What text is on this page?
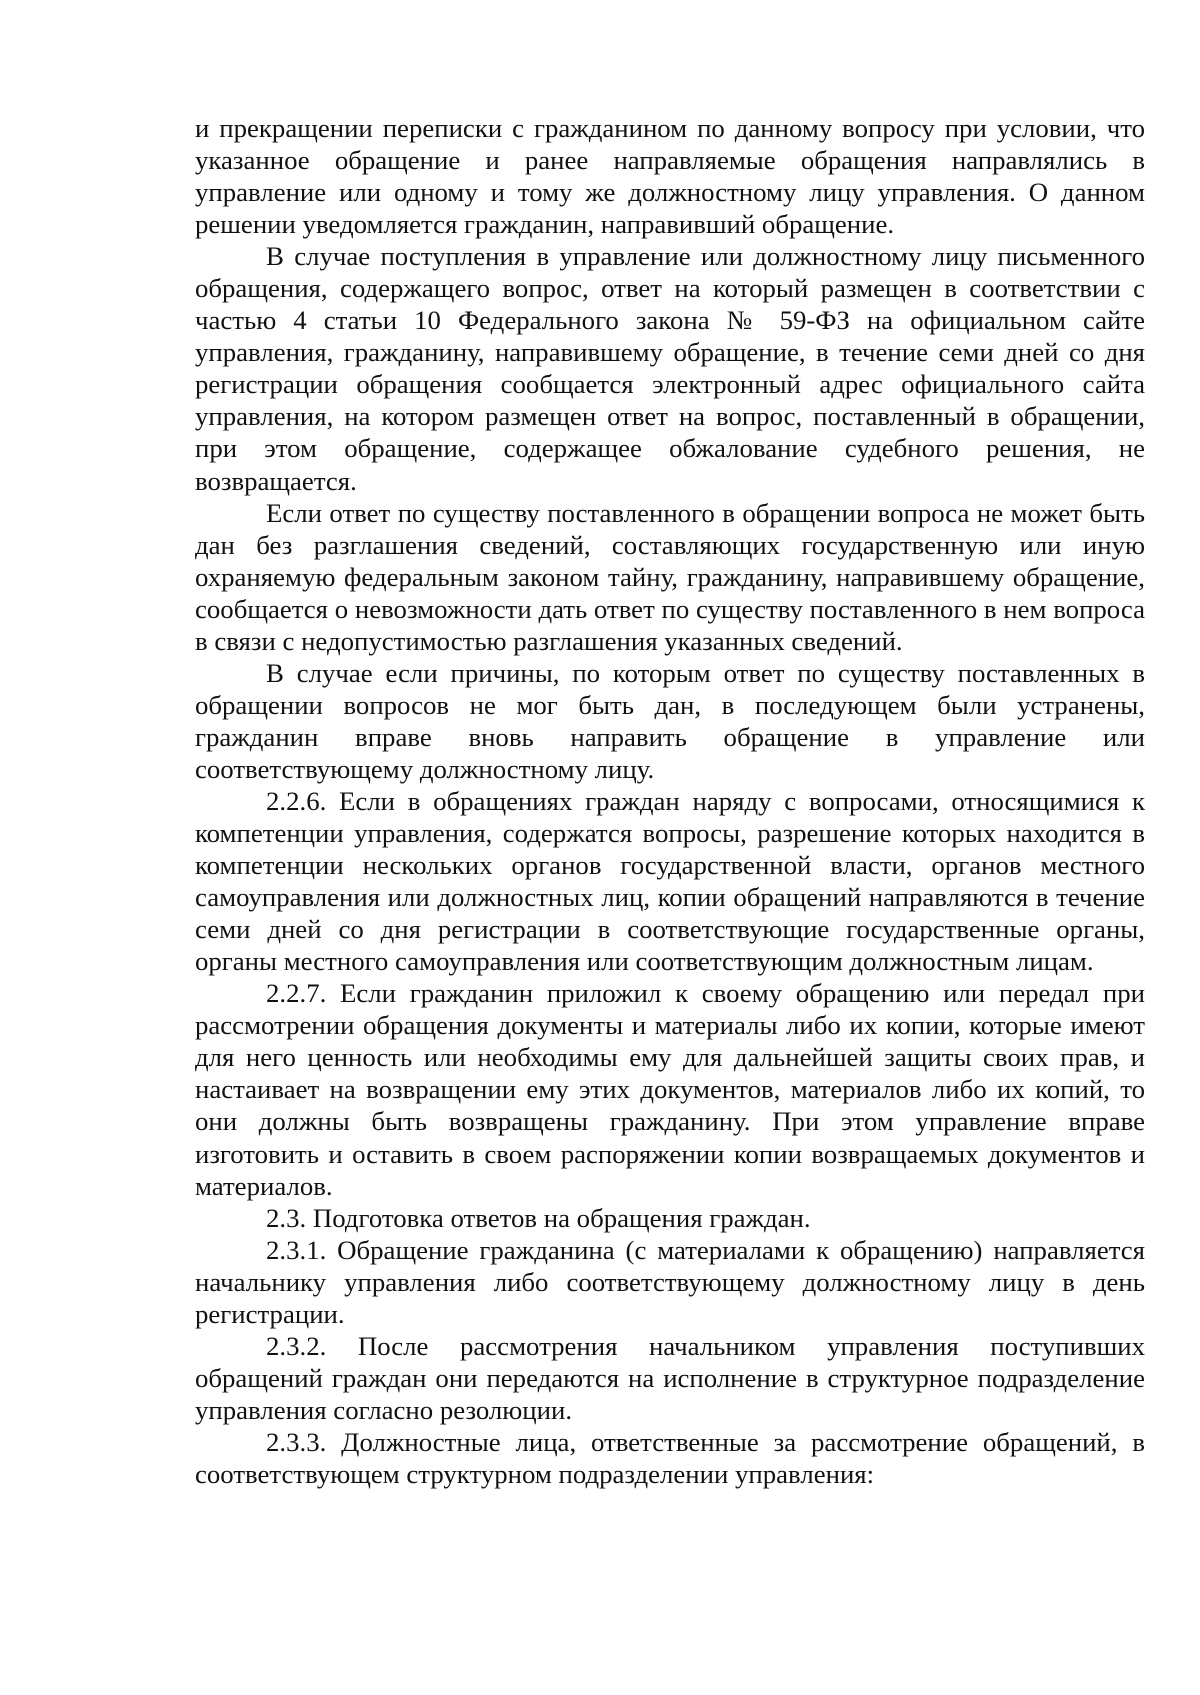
и прекращении переписки с гражданином по данному вопросу при условии, что указанное обращение и ранее направляемые обращения направлялись в управление или одному и тому же должностному лицу управления. О данном решении уведомляется гражданин, направивший обращение.

В случае поступления в управление или должностному лицу письменного обращения, содержащего вопрос, ответ на который размещен в соответствии с частью 4 статьи 10 Федерального закона № 59-ФЗ на официальном сайте управления, гражданину, направившему обращение, в течение семи дней со дня регистрации обращения сообщается электронный адрес официального сайта управления, на котором размещен ответ на вопрос, поставленный в обращении, при этом обращение, содержащее обжалование судебного решения, не возвращается.

Если ответ по существу поставленного в обращении вопроса не может быть дан без разглашения сведений, составляющих государственную или иную охраняемую федеральным законом тайну, гражданину, направившему обращение, сообщается о невозможности дать ответ по существу поставленного в нем вопроса в связи с недопустимостью разглашения указанных сведений.

В случае если причины, по которым ответ по существу поставленных в обращении вопросов не мог быть дан, в последующем были устранены, гражданин вправе вновь направить обращение в управление или соответствующему должностному лицу.

2.2.6. Если в обращениях граждан наряду с вопросами, относящимися к компетенции управления, содержатся вопросы, разрешение которых находится в компетенции нескольких органов государственной власти, органов местного самоуправления или должностных лиц, копии обращений направляются в течение семи дней со дня регистрации в соответствующие государственные органы, органы местного самоуправления или соответствующим должностным лицам.

2.2.7. Если гражданин приложил к своему обращению или передал при рассмотрении обращения документы и материалы либо их копии, которые имеют для него ценность или необходимы ему для дальнейшей защиты своих прав, и настаивает на возвращении ему этих документов, материалов либо их копий, то они должны быть возвращены гражданину. При этом управление вправе изготовить и оставить в своем распоряжении копии возвращаемых документов и материалов.

2.3. Подготовка ответов на обращения граждан.

2.3.1. Обращение гражданина (с материалами к обращению) направляется начальнику управления либо соответствующему должностному лицу в день регистрации.

2.3.2. После рассмотрения начальником управления поступивших обращений граждан они передаются на исполнение в структурное подразделение управления согласно резолюции.

2.3.3. Должностные лица, ответственные за рассмотрение обращений, в соответствующем структурном подразделении управления:
